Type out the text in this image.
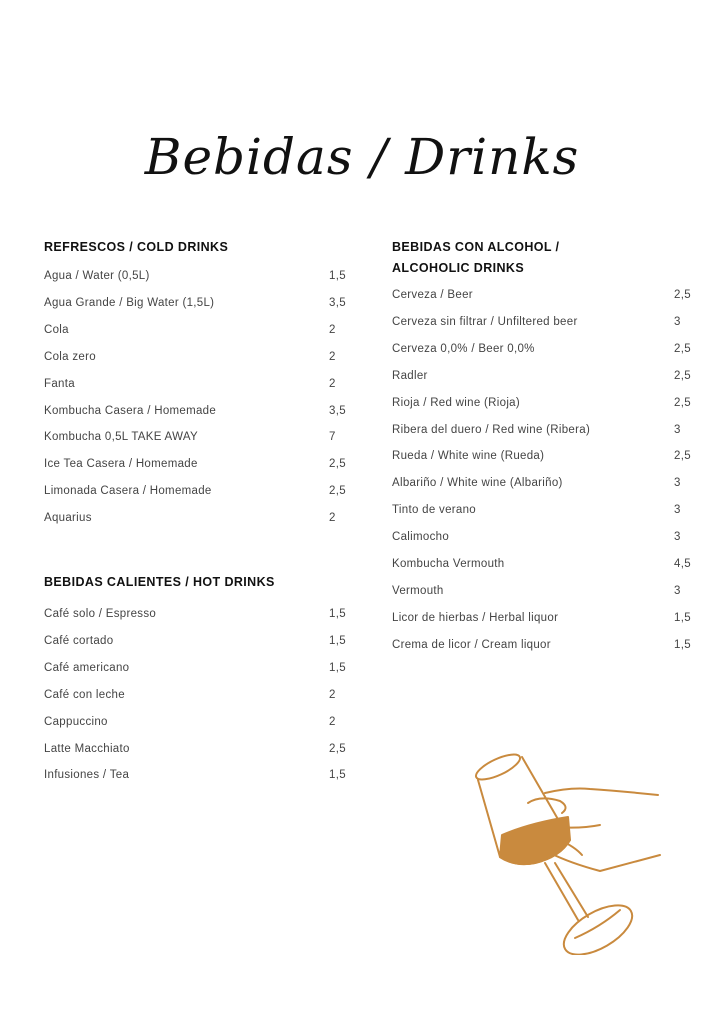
Bebidas / Drinks
REFRESCOS / COLD DRINKS
Agua / Water (0,5L)	1,5
Agua Grande / Big Water (1,5L)	3,5
Cola	2
Cola zero	2
Fanta	2
Kombucha Casera / Homemade	3,5
Kombucha 0,5L TAKE AWAY	7
Ice Tea Casera / Homemade	2,5
Limonada Casera / Homemade	2,5
Aquarius	2
BEBIDAS CALIENTES / HOT DRINKS
Café solo / Espresso	1,5
Café cortado	1,5
Café americano	1,5
Café con leche	2
Cappuccino	2
Latte Macchiato	2,5
Infusiones / Tea	1,5
BEBIDAS CON ALCOHOL /
ALCOHOLIC DRINKS
Cerveza / Beer	2,5
Cerveza sin filtrar / Unfiltered beer	3
Cerveza 0,0% / Beer 0,0%	2,5
Radler	2,5
Rioja / Red wine (Rioja)	2,5
Ribera del duero / Red wine (Ribera)	3
Rueda / White wine (Rueda)	2,5
Albariño / White wine (Albariño)	3
Tinto de verano	3
Calimocho	3
Kombucha Vermouth	4,5
Vermouth	3
Licor de hierbas / Herbal liquor	1,5
Crema de licor / Cream liquor	1,5
